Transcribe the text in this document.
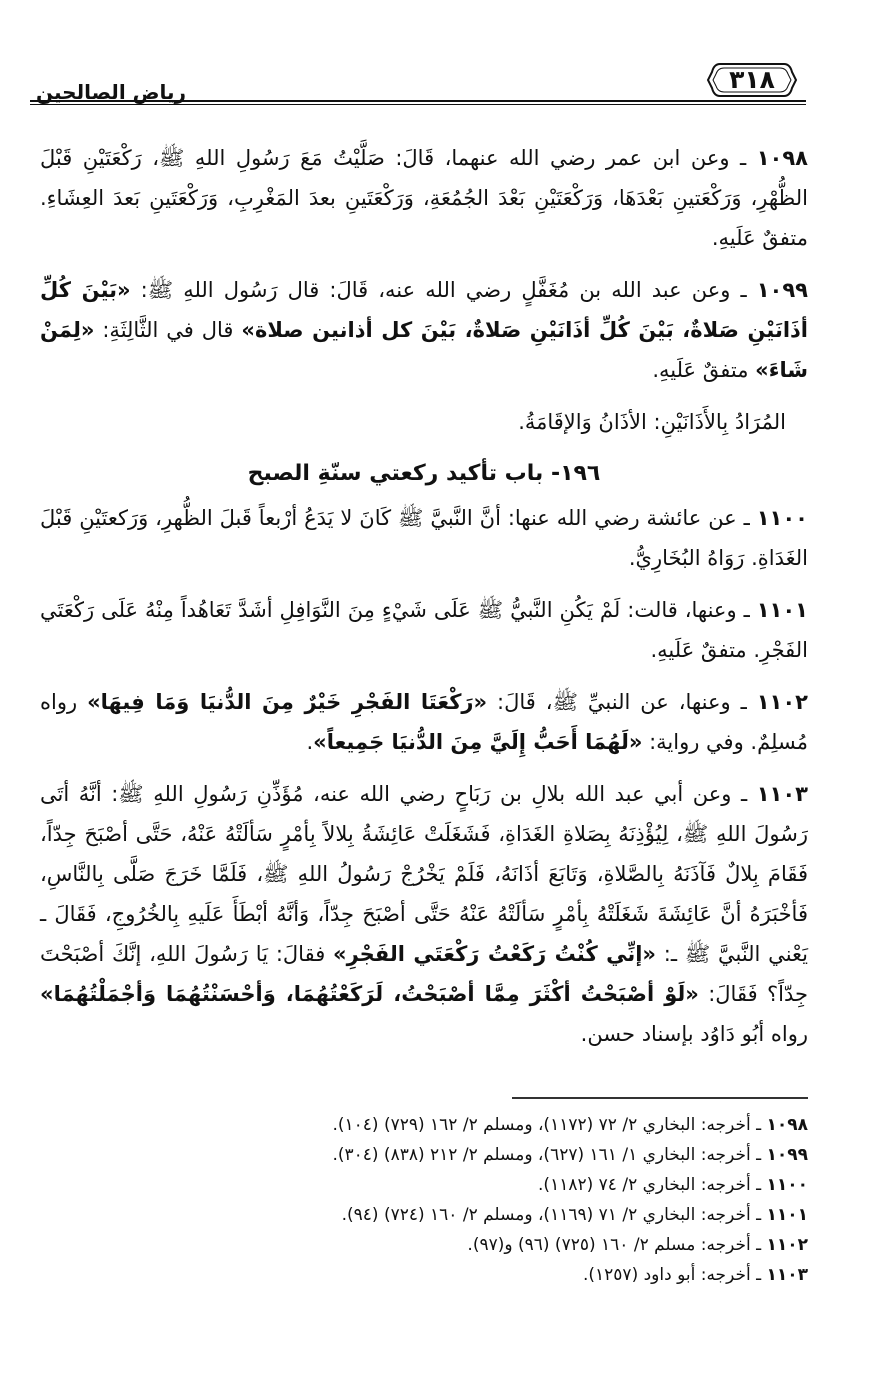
رياض الصالحين	٣١٨

١٠٩٨ ـ وعن ابن عمر رضي الله عنهما، قَالَ: صَلَّيْتُ مَعَ رَسُولِ اللهِ ﷺ، رَكْعَتَيْنِ قَبْلَ الظُّهْرِ، وَرَكْعَتينِ بَعْدَهَا، وَرَكْعَتَيْنِ بَعْدَ الجُمُعَةِ، وَرَكْعَتَينِ بعدَ المَغْرِبِ، وَرَكْعَتَينِ بَعدَ العِشَاءِ. متفقٌ عَلَيهِ.

١٠٩٩ ـ وعن عبد الله بن مُغَفَّلٍ رضي الله عنه، قَالَ: قال رَسُول اللهِ ﷺ: «بَيْنَ كُلِّ أذَانَيْنِ صَلاةٌ، بَيْنَ كُلِّ أذَانَيْنِ صَلاةٌ، بَيْنَ كل أذانين صلاة» قال في الثَّالِثَةِ: «لِمَنْ شَاءَ» متفقٌ عَلَيهِ.

المُرَادُ بِالأَذَانَيْنِ: الأذَانُ وَالإقَامَةُ.

١٩٦- باب تأكيد ركعتي سنّةِ الصبح

١١٠٠ ـ عن عائشة رضي الله عنها: أنَّ النَّبيَّ ﷺ كَانَ لا يَدَعُ أرْبعاً قَبلَ الظُّهرِ، وَرَكعتَيْنِ قَبْلَ الغَدَاةِ. رَوَاهُ البُخَارِيُّ.

١١٠١ ـ وعنها، قالت: لَمْ يَكُنِ النَّبيُّ ﷺ عَلَى شَيْءٍ مِنَ النَّوَافِلِ أشَدَّ تَعَاهُداً مِنْهُ عَلَى رَكْعَتَي الفَجْرِ. متفقٌ عَلَيهِ.

١١٠٢ ـ وعنها، عن النبيِّ ﷺ، قَالَ: «رَكْعَتَا الفَجْرِ خَيْرٌ مِنَ الدُّنيَا وَمَا فِيهَا» رواه مُسلِمٌ. وفي رواية: «لَهُمَا أَحَبُّ إِلَيَّ مِنَ الدُّنيَا جَمِيعاً».

١١٠٣ ـ وعن أبي عبد الله بلالِ بن رَبَاحٍ رضي الله عنه، مُؤَذِّنِ رَسُولِ اللهِ ﷺ: أنَّهُ أتَى رَسُولَ اللهِ ﷺ، لِيُؤْذِنَهُ بِصَلاةِ الغَدَاةِ، فَشَغَلَتْ عَائِشَةُ بِلالاً بِأمْرٍ سَألَتْهُ عَنْهُ، حَتَّى أصْبَحَ جِدّاً، فَقَامَ بِلالٌ فَآذَنَهُ بِالصَّلاةِ، وَتَابَعَ أذَانَهُ، فَلَمْ يَخْرُجْ رَسُولُ اللهِ ﷺ، فَلَمَّا خَرَجَ صَلَّى بِالنَّاسِ، فَأخْبَرَهُ أنَّ عَائِشَةَ شَغَلَتْهُ بِأمْرٍ سَألَتْهُ عَنْهُ حَتَّى أصْبَحَ جِدّاً، وَأنَّهُ أبْطَأَ عَلَيهِ بِالخُرُوجِ، فَقَالَ ـ يَعْني النَّبيَّ ﷺ ـ: «إنِّي كُنْتُ رَكَعْتُ رَكْعَتَي الفَجْرِ» فقالَ: يَا رَسُولَ اللهِ، إنَّكَ أصْبَحْتَ جِدّاً؟ فَقَالَ: «لَوْ أصْبَحْتُ أكْثَرَ مِمَّا أصْبَحْتُ، لَرَكَعْتُهُمَا، وَأحْسَنْتُهُمَا وَأجْمَلْتُهُمَا» رواه أبُو دَاوُد بإسناد حسن.

١٠٩٨ ـ أخرجه: البخاري ٢/ ٧٢ (١١٧٢)، ومسلم ٢/ ١٦٢ (٧٢٩) (١٠٤).

١٠٩٩ ـ أخرجه: البخاري ١/ ١٦١ (٦٢٧)، ومسلم ٢/ ٢١٢ (٨٣٨) (٣٠٤).

١١٠٠ ـ أخرجه: البخاري ٢/ ٧٤ (١١٨٢).

١١٠١ ـ أخرجه: البخاري ٢/ ٧١ (١١٦٩)، ومسلم ٢/ ١٦٠ (٧٢٤) (٩٤).

١١٠٢ ـ أخرجه: مسلم ٢/ ١٦٠ (٧٢٥) (٩٦) و(٩٧).

١١٠٣ ـ أخرجه: أبو داود (١٢٥٧).
